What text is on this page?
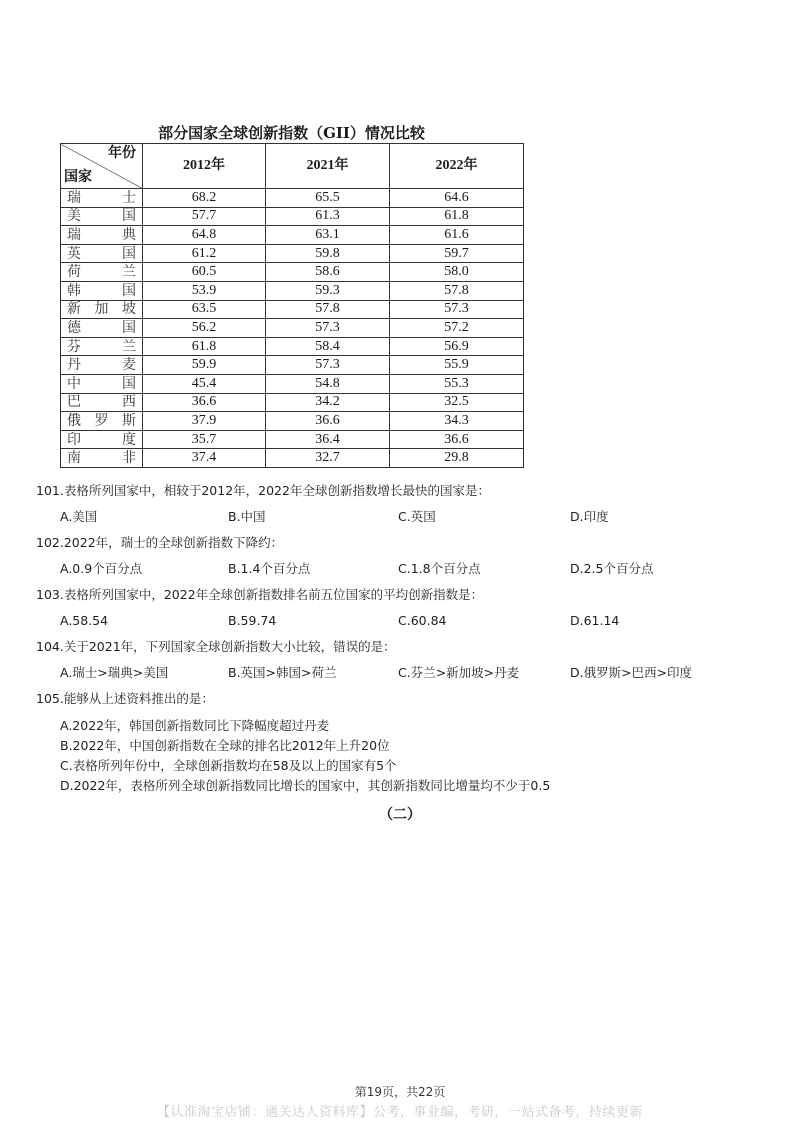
部分国家全球创新指数（GII）情况比较
年份
国家	2012年	2021年	2022年
瑞士	68.2	65.5	64.6
美国	57.7	61.3	61.8
瑞典	64.8	63.1	61.6
英国	61.2	59.8	59.7
荷兰	60.5	58.6	58.0
韩国	53.9	59.3	57.8
新加坡	63.5	57.8	57.3
德国	56.2	57.3	57.2
芬兰	61.8	58.4	56.9
丹麦	59.9	57.3	55.9
中国	45.4	54.8	55.3
巴西	36.6	34.2	32.5
俄罗斯	37.9	36.6	34.3
印度	35.7	36.4	36.6
南非	37.4	32.7	29.8
101.表格所列国家中，相较于2012年，2022年全球创新指数增长最快的国家是：
A.美国	B.中国	C.英国	D.印度
102.2022年，瑞士的全球创新指数下降约：
A.0.9个百分点	B.1.4个百分点	C.1.8个百分点	D.2.5个百分点
103.表格所列国家中，2022年全球创新指数排名前五位国家的平均创新指数是：
A.58.54	B.59.74	C.60.84	D.61.14
104.关于2021年，下列国家全球创新指数大小比较，错误的是：
A.瑞士>瑞典>美国	B.英国>韩国>荷兰	C.芬兰>新加坡>丹麦	D.俄罗斯>巴西>印度
105.能够从上述资料推出的是：
A.2022年，韩国创新指数同比下降幅度超过丹麦
B.2022年，中国创新指数在全球的排名比2012年上升20位
C.表格所列年份中，全球创新指数均在58及以上的国家有5个
D.2022年，表格所列全球创新指数同比增长的国家中，其创新指数同比增量均不少于0.5
（二）
第19页，共22页
【认准淘宝店铺：通关达人资料库】公考，事业编，考研，一站式备考，持续更新
